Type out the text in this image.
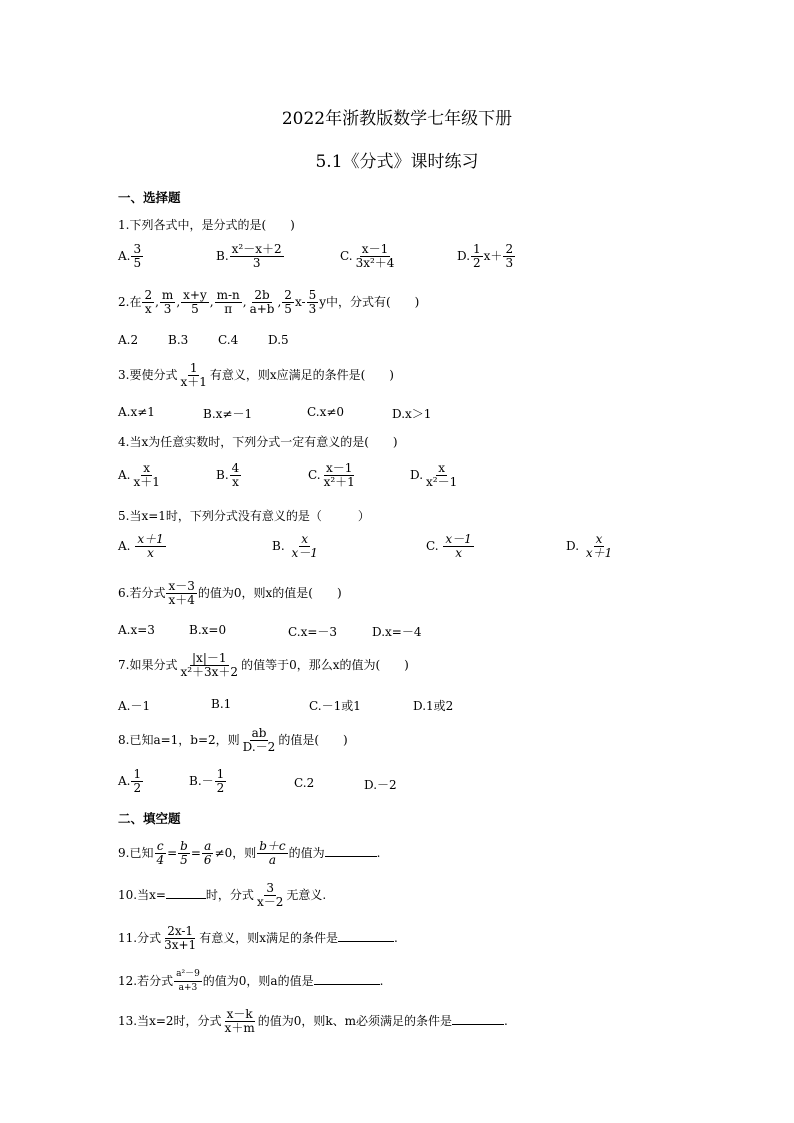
2022年浙教版数学七年级下册
5.1《分式》课时练习
一、选择题
1.下列各式中，是分式的是(　　)
A. $\frac{3}{5}$	B. $\frac{\text{x²－x＋2}}{3}$	C. $\frac{x-1}{\text{3x²＋4}}$	D. $\frac{1}{2} x+ \frac{2}{3}$
2.在 $\frac{2}{x}$ , $\frac{m}{3}$ , $\frac{x+y}{5}$ , $\frac{m-n}{\pi}$ , $\frac{2b}{a+b}$ , $\frac{2}{5} x- \frac{5}{3}$ y中，分式有(　　)
A.2 B.3 C.4 D.5
3.要使分式 $\frac{1}{x+1}$ 有意义，则x应满足的条件是(　　)
A.x≠1	B.x≠－1	C.x≠0	D.x＞1
4.当x为任意实数时，下列分式一定有意义的是(　　)
A. $\frac{x}{x+1}$	B. $\frac{4}{x}$	C. $\frac{x-1}{\text{x²＋1}}$	D. $\frac{x}{\text{x²－1}}$
5.当x=1时，下列分式没有意义的是（　　　）
A. $\frac{x+1}{x}$	B. $\frac{x}{x-1}$	C. $\frac{x-1}{x}$	D. $\frac{x}{x+1}$
6.若分式 $\frac{x-3}{x+4}$ 的值为0，则x的值是(　　)
A.x=3	B.x=0	C.x=－3	D.x=－4
7.如果分式 $\frac{|x|-1}{\text{x²＋3x＋2}}$ 的值等于0，那么x的值为(　　)
A.－1	B.1	C.－1或1	D.1或2
8.已知a=1，b=2，则 $\frac{ab}{D.-2}$ 的值是(　　)
A. $\frac{1}{2}$	$B.- \frac{1}{2}$	C.2	D.－2
二、填空题
9.已知 $\frac{c}{4} = \frac{b}{5} = \frac{a}{6} \ne 0$，则 $\frac{b+c}{a}$ 的值为	.
10.当x=	时，分式 $\frac{3}{x-2}$ 无意义.
11.分式 $\frac{2x-1}{3x+1}$ 有意义，则x满足的条件是	.
12.若分式 $\frac{\text{a²－9}}{a+3}$ 的值为0，则a的值是	.
13.当x=2时，分式 $\frac{x-k}{x+m}$ 的值为0，则k、m必须满足的条件是	.
